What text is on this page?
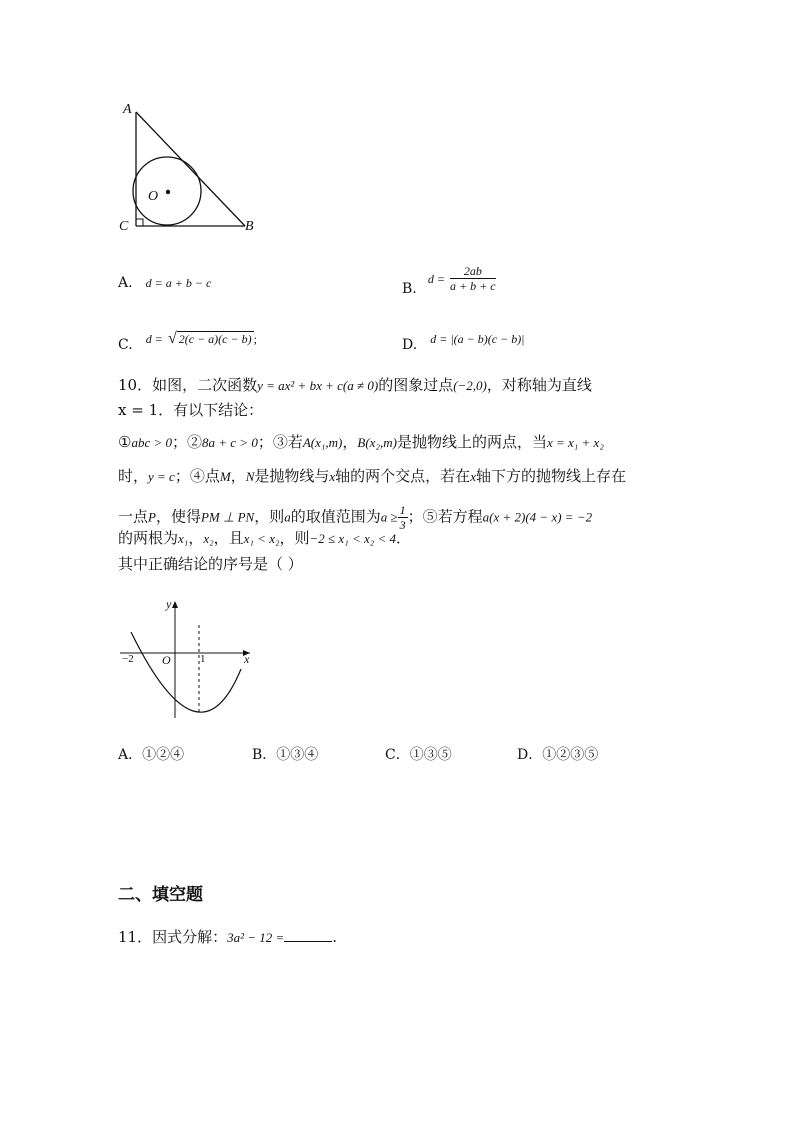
A
O
C	B
A. d = a + b − c	B. $d = \frac{2ab}{a + b + c}$
C. d = √ 2(c − a)(c − b) ;	D. d = |(a − b)(c − b)|
10．如图，二次函数y = ax² + bx + c(a ≠ 0)的图象过点(−2,0)，对称轴为直线
x = 1．有以下结论：
①abc > 0；②8a + c > 0；③若A(x₁,m)，B(x₂,m)是抛物线上的两点，当x = x₁ + x₂
时，y = c；④点M，N是抛物线与x轴的两个交点，若在x轴下方的抛物线上存在
一点P，使得PM ⊥ PN，则a的取值范围为$a \ge \frac{1}{3}$ ；⑤若方程a(x + 2)(4 − x) = −2
的两根为x₁，x₂，且x₁ < x₂，则−2 ≤ x₁ < x₂ < 4．
其中正确结论的序号是（ ）
y
x
O
−2	1
A．①②④	B．①③④	C．①③⑤	D．①②③⑤
二、填空题
11．因式分解：3a² − 12 =	.
